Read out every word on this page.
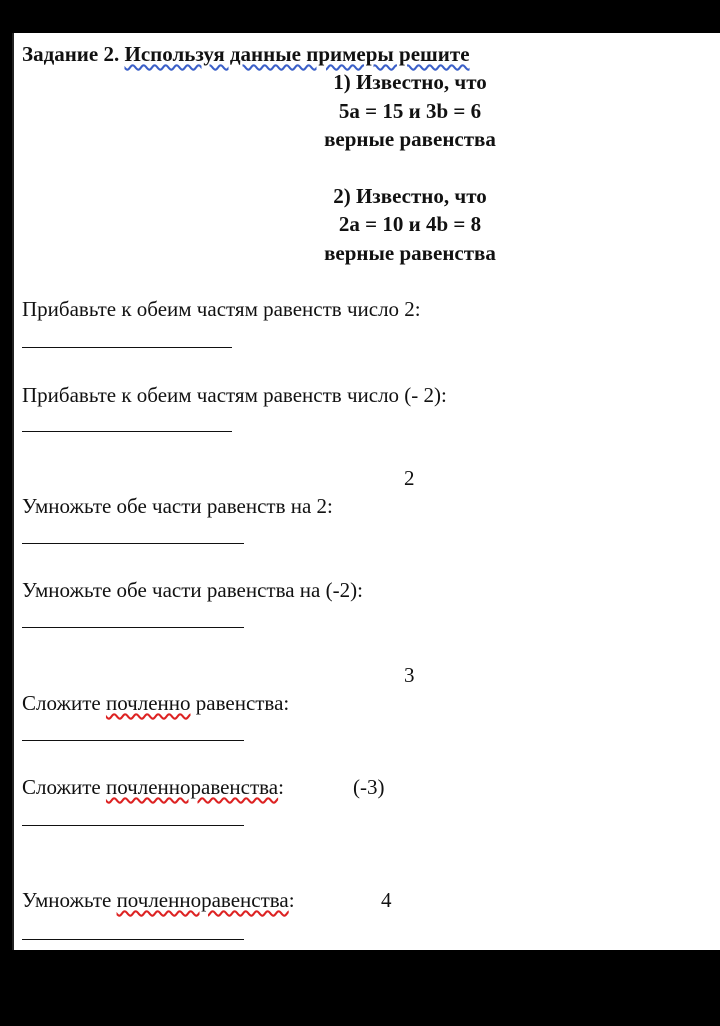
Задание 2. Используя данные примеры решите
1) Известно, что
5a = 15 и 3b = 6
верные равенства
2) Известно, что
2a = 10 и 4b = 8
верные равенства
Прибавьте к обеим частям равенств число 2:
Прибавьте к обеим частям равенств число (- 2):
2
Умножьте обе части равенств на 2:
Умножьте обе части равенства на (-2):
3
Сложите почленно равенства:
Сложите почленноравенства:	(-3)
Умножьте почленноравенства:	4
